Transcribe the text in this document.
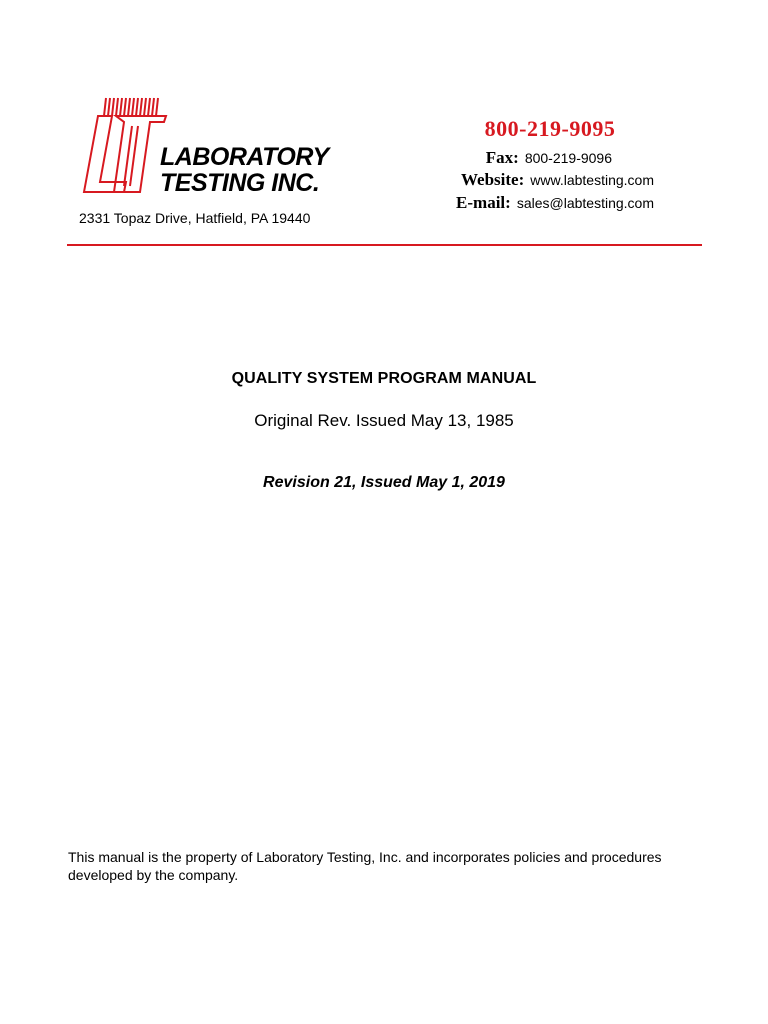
LABORATORY
TESTING INC.
2331 Topaz Drive, Hatfield, PA 19440
800-219-9095
Fax: 800-219-9096
Website: www.labtesting.com
E-mail: sales@labtesting.com
QUALITY SYSTEM PROGRAM MANUAL
Original Rev. Issued May 13, 1985
Revision 21, Issued May 1, 2019
This manual is the property of Laboratory Testing, Inc. and incorporates policies and procedures developed by the company.
